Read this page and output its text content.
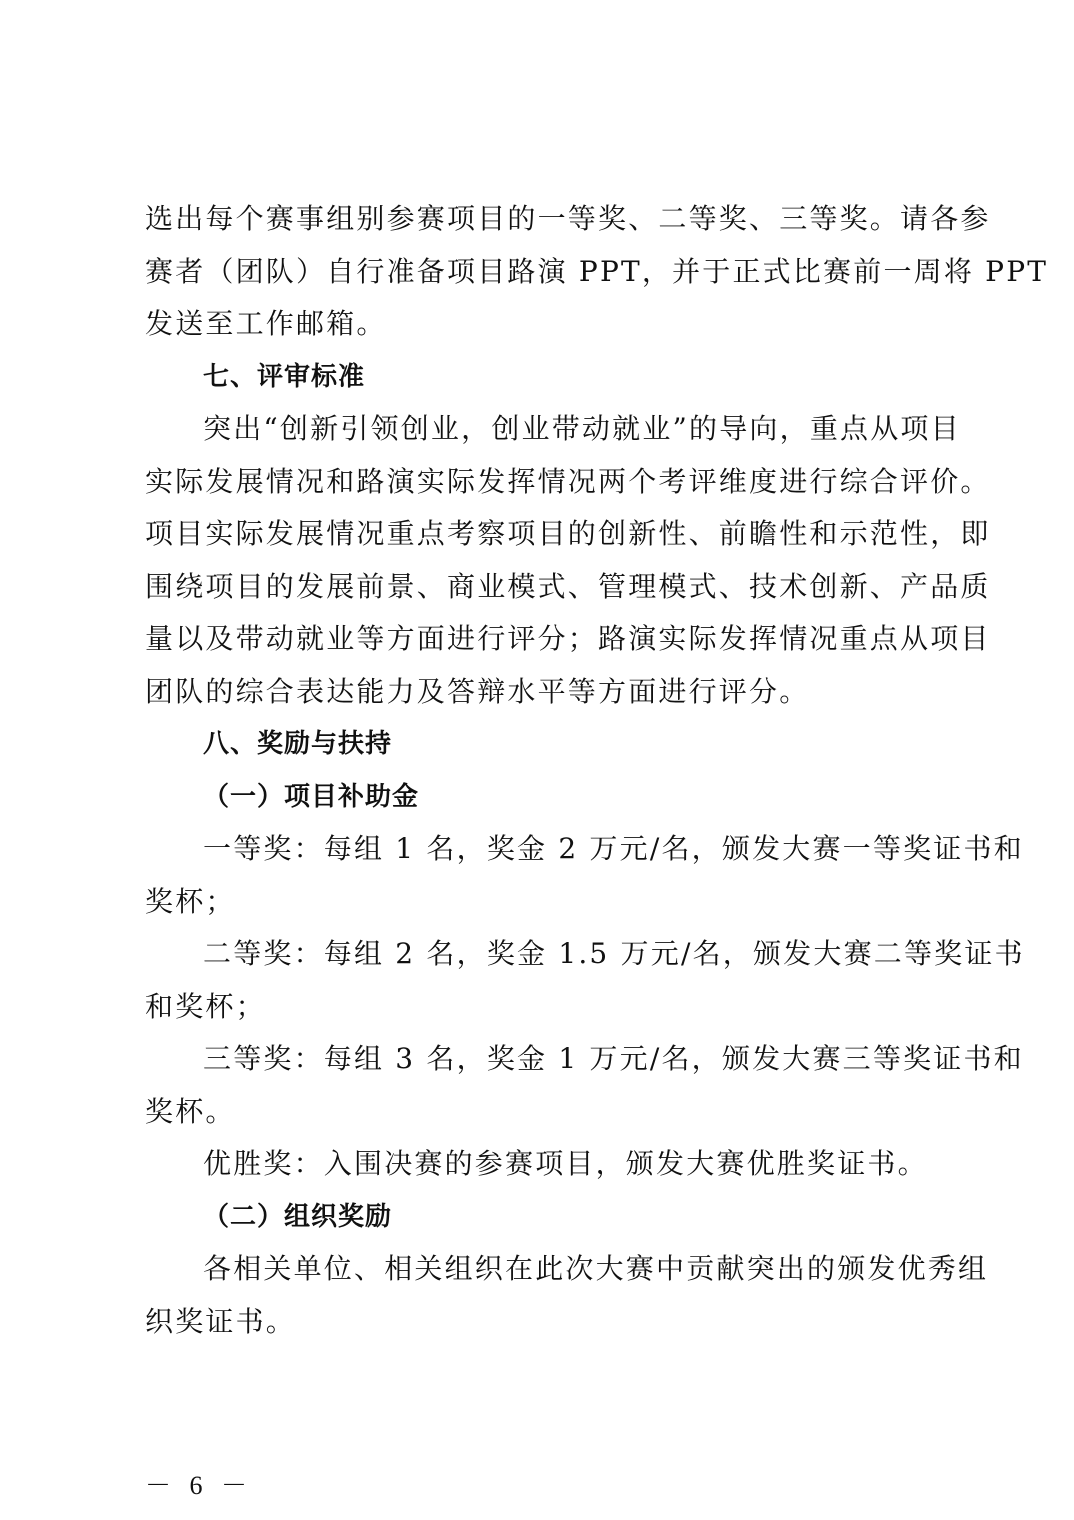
选出每个赛事组别参赛项目的一等奖、二等奖、三等奖。请各参
赛者（团队）自行准备项目路演 PPT，并于正式比赛前一周将 PPT
发送至工作邮箱。
七、评审标准
突出“创新引领创业，创业带动就业”的导向，重点从项目
实际发展情况和路演实际发挥情况两个考评维度进行综合评价。
项目实际发展情况重点考察项目的创新性、前瞻性和示范性，即
围绕项目的发展前景、商业模式、管理模式、技术创新、产品质
量以及带动就业等方面进行评分；路演实际发挥情况重点从项目
团队的综合表达能力及答辩水平等方面进行评分。
八、奖励与扶持
（一）项目补助金
一等奖：每组 1 名，奖金 2 万元/名，颁发大赛一等奖证书和
奖杯；
二等奖：每组 2 名，奖金 1.5 万元/名，颁发大赛二等奖证书
和奖杯；
三等奖：每组 3 名，奖金 1 万元/名，颁发大赛三等奖证书和
奖杯。
优胜奖：入围决赛的参赛项目，颁发大赛优胜奖证书。
（二）组织奖励
各相关单位、相关组织在此次大赛中贡献突出的颁发优秀组
织奖证书。
－ 6 －
